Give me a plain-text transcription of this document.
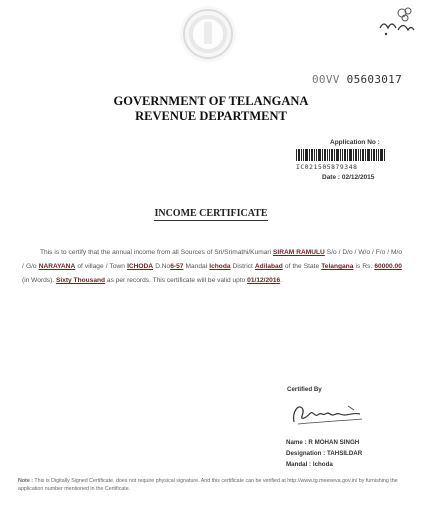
00VV 05603017
GOVERNMENT OF TELANGANA
REVENUE DEPARTMENT
Application No :
IC021505879348
Date : 02/12/2015
INCOME CERTIFICATE
This is to certify that the annual income from all Sources of Sri/Srimathi/Kumari SIRAM RAMULU S/o / D/o / W/o / F/o / M/o / G/o NARAYANA of village / Town ICHODA D.No6-57 Mandal Ichoda District Adilabad of the State Telangana is Rs. 60000.00 (in Words). Sixty Thousand as per records. This certificate will be valid upto 01/12/2016.
Certified By
Name : R MOHAN SINGH
Designation : TAHSILDAR
Mandal : Ichoda
Note : This is Digitally Signed Certificate, does not require physical signature. And this certificate can be verified at http://www.tg.meeseva.gov.in/ by furnishing the application number mentioned in the Certificate.
